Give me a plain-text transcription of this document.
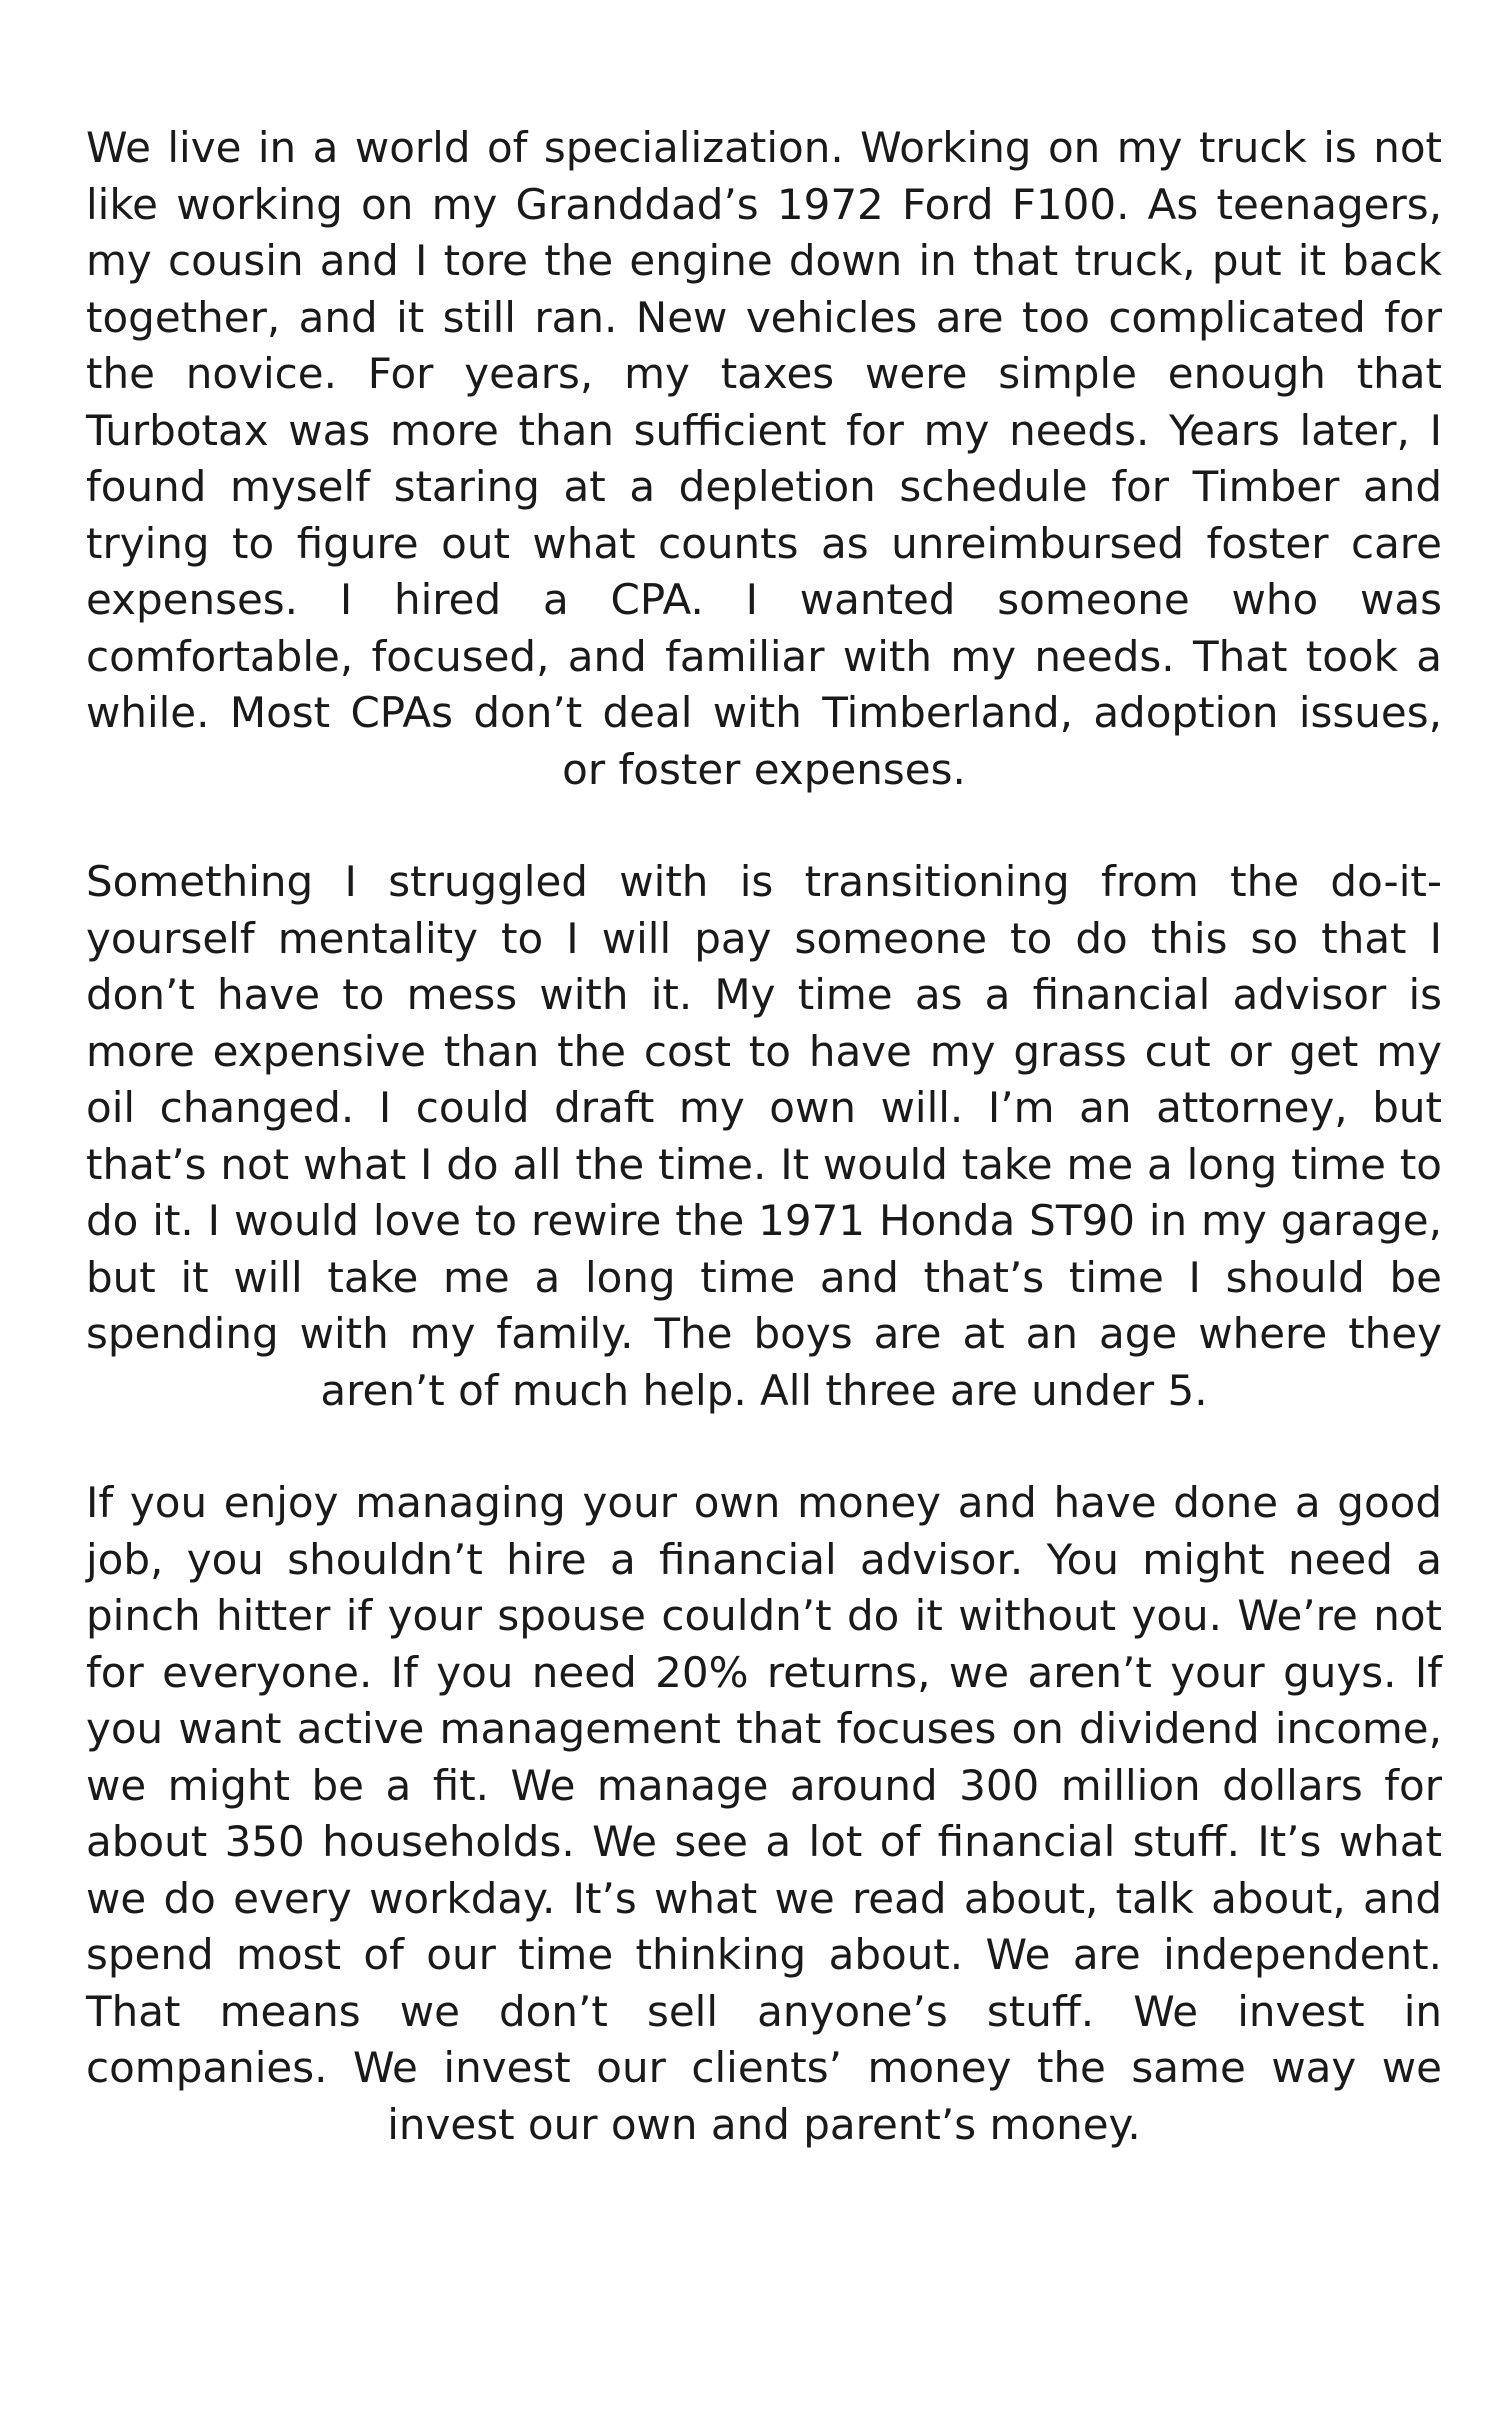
We live in a world of specialization. Working on my truck is not like working on my Granddad’s 1972 Ford F100. As teenagers, my cousin and I tore the engine down in that truck, put it back together, and it still ran. New vehicles are too complicated for the novice. For years, my taxes were simple enough that Turbotax was more than sufficient for my needs. Years later, I found myself staring at a depletion schedule for Timber and trying to figure out what counts as unreimbursed foster care expenses. I hired a CPA. I wanted someone who was comfortable, focused, and familiar with my needs. That took a while. Most CPAs don’t deal with Timberland, adoption issues, or foster expenses.

Something I struggled with is transitioning from the do-it-yourself mentality to I will pay someone to do this so that I don’t have to mess with it. My time as a financial advisor is more expensive than the cost to have my grass cut or get my oil changed. I could draft my own will. I’m an attorney, but that’s not what I do all the time. It would take me a long time to do it. I would love to rewire the 1971 Honda ST90 in my garage, but it will take me a long time and that’s time I should be spending with my family. The boys are at an age where they aren’t of much help. All three are under 5.

If you enjoy managing your own money and have done a good job, you shouldn’t hire a financial advisor. You might need a pinch hitter if your spouse couldn’t do it without you. We’re not for everyone. If you need 20% returns, we aren’t your guys. If you want active management that focuses on dividend income, we might be a fit. We manage around 300 million dollars for about 350 households. We see a lot of financial stuff. It’s what we do every workday. It’s what we read about, talk about, and spend most of our time thinking about. We are independent. That means we don’t sell anyone’s stuff. We invest in companies. We invest our clients’ money the same way we invest our own and parent’s money.
